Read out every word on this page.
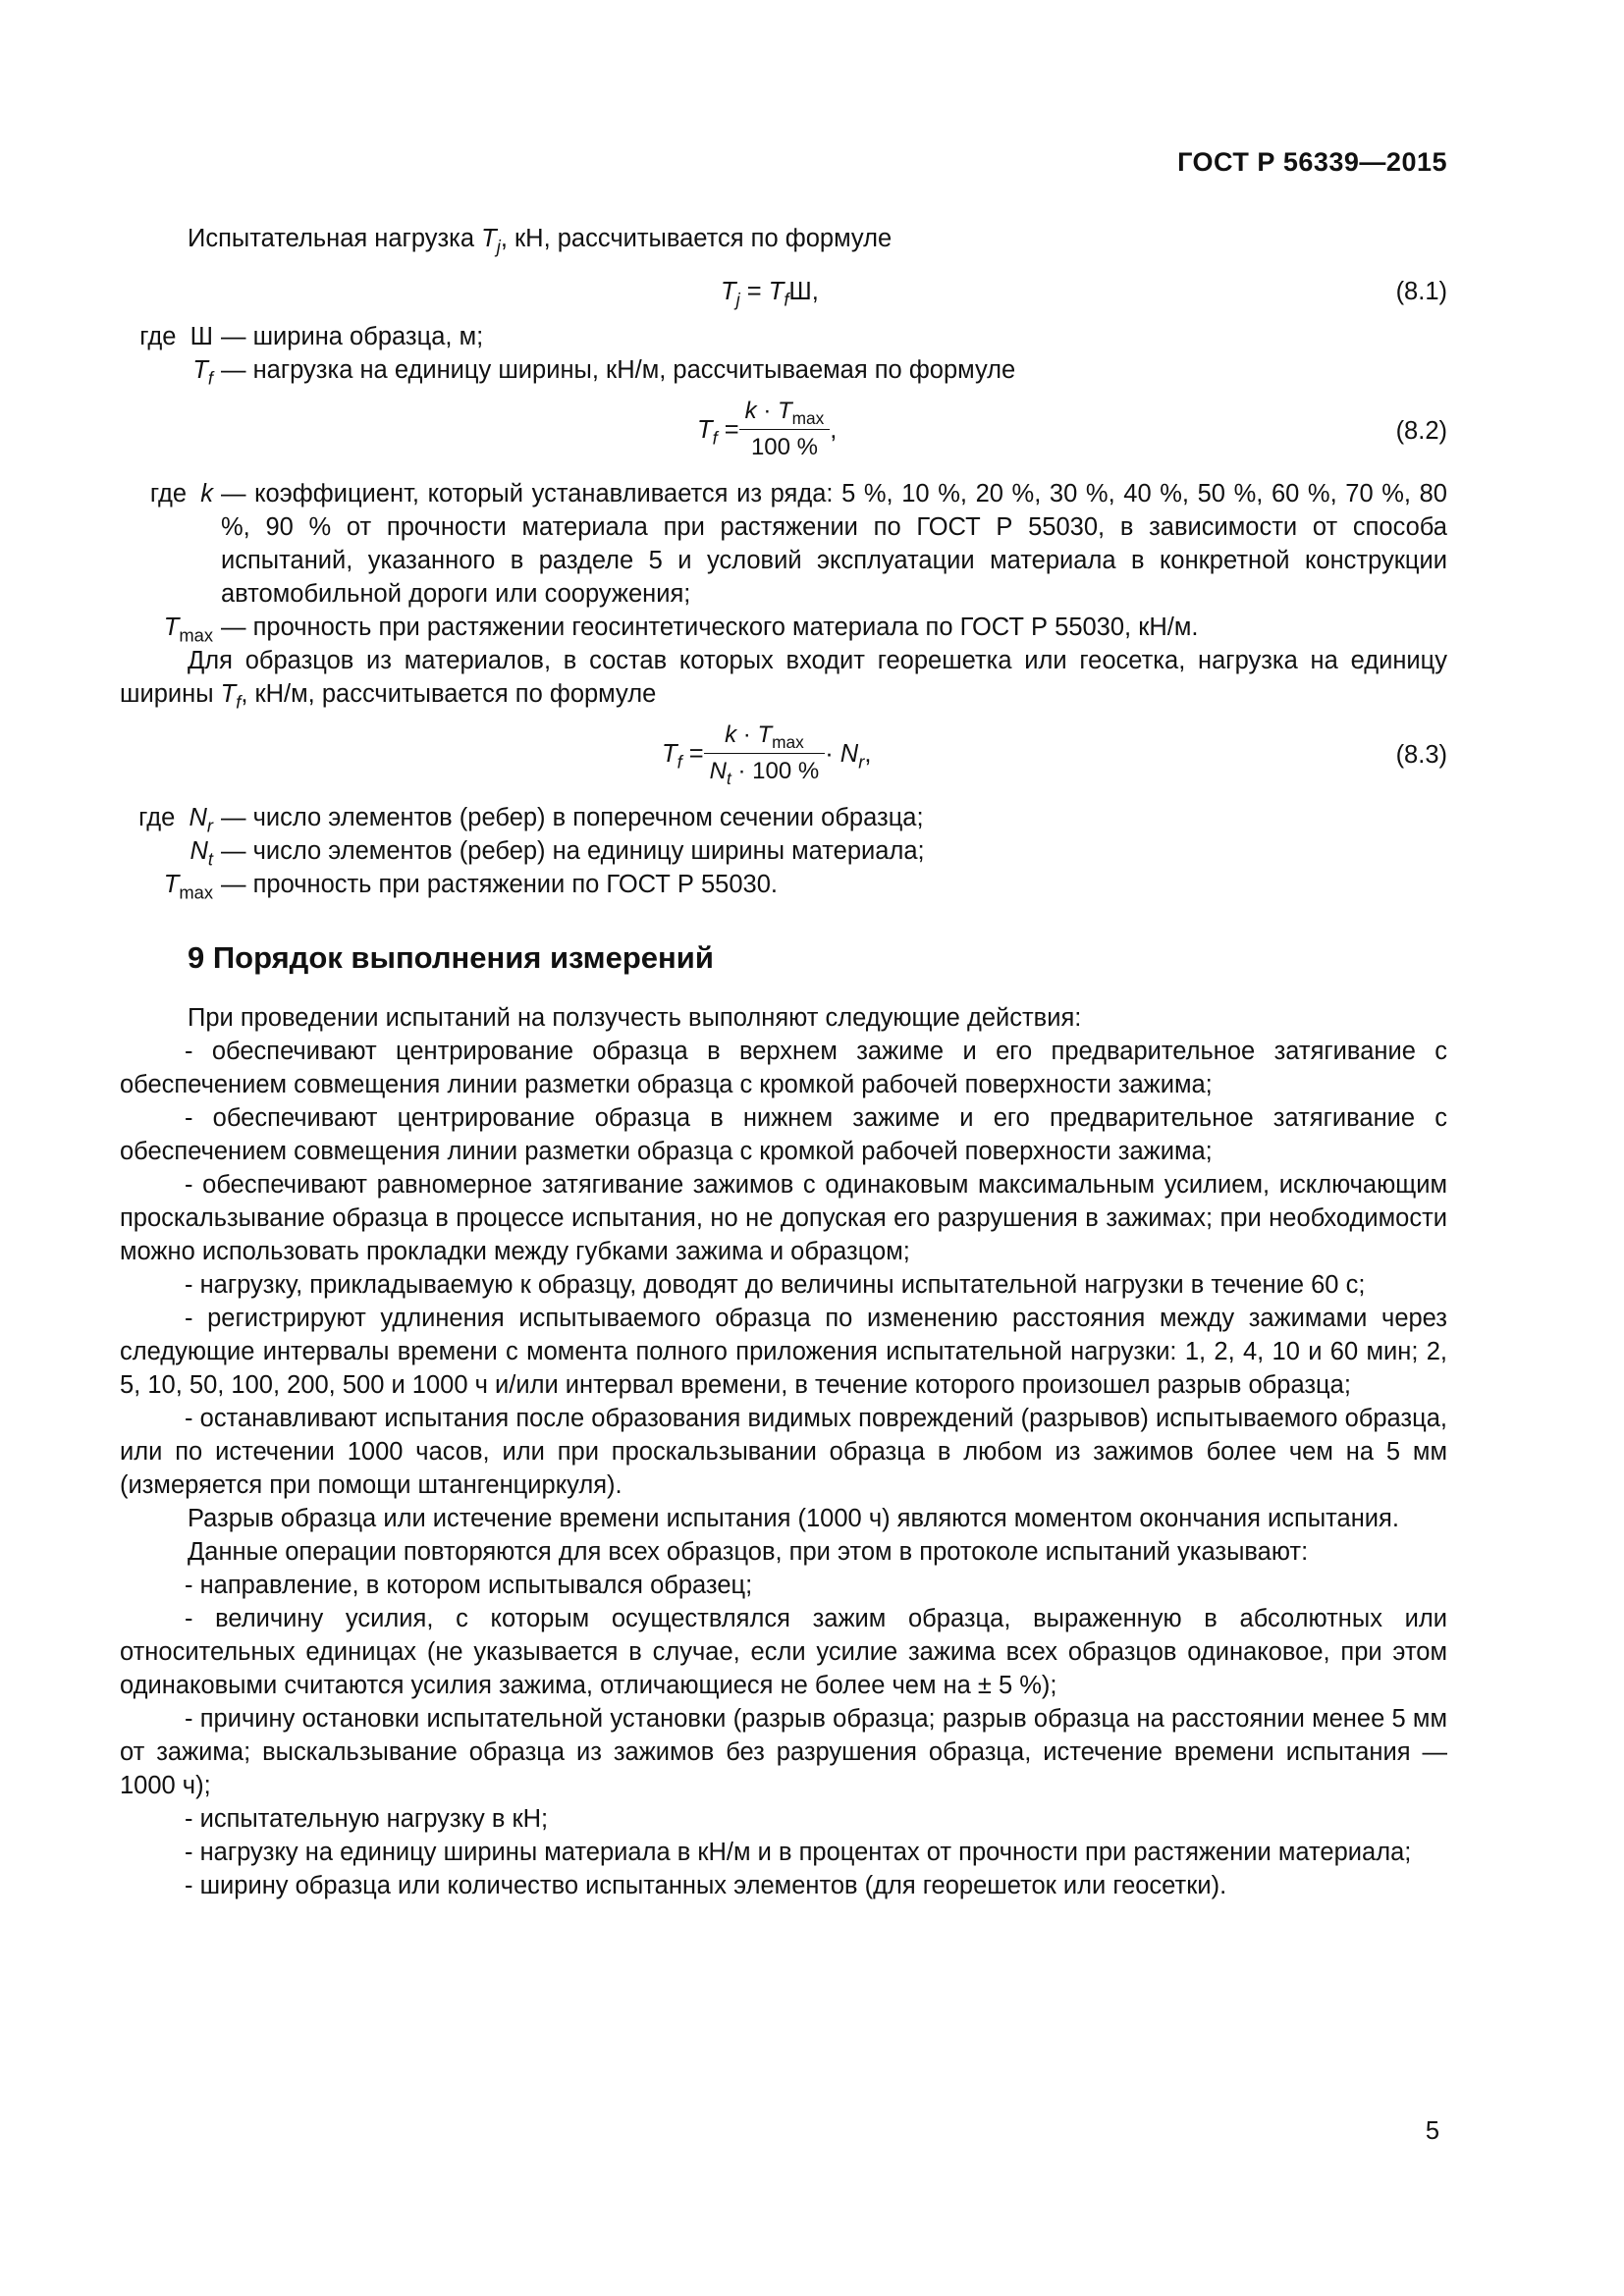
ГОСТ Р 56339—2015

Испытательная нагрузка $T_j$, кН, рассчитывается по формуле

$T_j = T_fШ$,	(8.1)
где Ш — ширина образца, м;
$T_f$ — нагрузка на единицу ширины, кН/м, рассчитываемая по формуле
$T_f = \frac{k \cdot T_{max}}{100 \%}$ ,	(8.2)
где k — коэффициент, который устанавливается из ряда: 5 %, 10 %, 20 %, 30 %, 40 %, 50 %, 60 %, 70 %, 80 %, 90 % от прочности материала при растяжении по ГОСТ Р 55030, в зависимости от способа испытаний, указанного в разделе 5 и условий эксплуатации материала в конкретной конструкции автомобильной дороги или сооружения;
$T_{max}$ — прочность при растяжении геосинтетического материала по ГОСТ Р 55030, кН/м.

Для образцов из материалов, в состав которых входит георешетка или геосетка, нагрузка на единицу ширины $T_f$, кН/м, рассчитывается по формуле

$T_f = \frac{k \cdot T_{max}}{N_t \cdot 100 \%} \cdot N_r$,	(8.3)
где $N_r$ — число элементов (ребер) в поперечном сечении образца;
$N_t$ — число элементов (ребер) на единицу ширины материала;
$T_{max}$ — прочность при растяжении по ГОСТ Р 55030.
9 Порядок выполнения измерений

При проведении испытаний на ползучесть выполняют следующие действия:

- обеспечивают центрирование образца в верхнем зажиме и его предварительное затягивание с обеспечением совмещения линии разметки образца с кромкой рабочей поверхности зажима;

- обеспечивают центрирование образца в нижнем зажиме и его предварительное затягивание с обеспечением совмещения линии разметки образца с кромкой рабочей поверхности зажима;

- обеспечивают равномерное затягивание зажимов с одинаковым максимальным усилием, исключающим проскальзывание образца в процессе испытания, но не допуская его разрушения в зажимах; при необходимости можно использовать прокладки между губками зажима и образцом;

- нагрузку, прикладываемую к образцу, доводят до величины испытательной нагрузки в течение 60 с;

- регистрируют удлинения испытываемого образца по изменению расстояния между зажимами через следующие интервалы времени с момента полного приложения испытательной нагрузки: 1, 2, 4, 10 и 60 мин; 2, 5, 10, 50, 100, 200, 500 и 1000 ч и/или интервал времени, в течение которого произошел разрыв образца;

- останавливают испытания после образования видимых повреждений (разрывов) испытываемого образца, или по истечении 1000 часов, или при проскальзывании образца в любом из зажимов более чем на 5 мм (измеряется при помощи штангенциркуля).

Разрыв образца или истечение времени испытания (1000 ч) являются моментом окончания испытания.

Данные операции повторяются для всех образцов, при этом в протоколе испытаний указывают:

- направление, в котором испытывался образец;

- величину усилия, с которым осуществлялся зажим образца, выраженную в абсолютных или относительных единицах (не указывается в случае, если усилие зажима всех образцов одинаковое, при этом одинаковыми считаются усилия зажима, отличающиеся не более чем на ± 5 %);

- причину остановки испытательной установки (разрыв образца; разрыв образца на расстоянии менее 5 мм от зажима; выскальзывание образца из зажимов без разрушения образца, истечение времени испытания — 1000 ч);

- испытательную нагрузку в кН;

- нагрузку на единицу ширины материала в кН/м и в процентах от прочности при растяжении материала;

- ширину образца или количество испытанных элементов (для георешеток или геосетки).

5
